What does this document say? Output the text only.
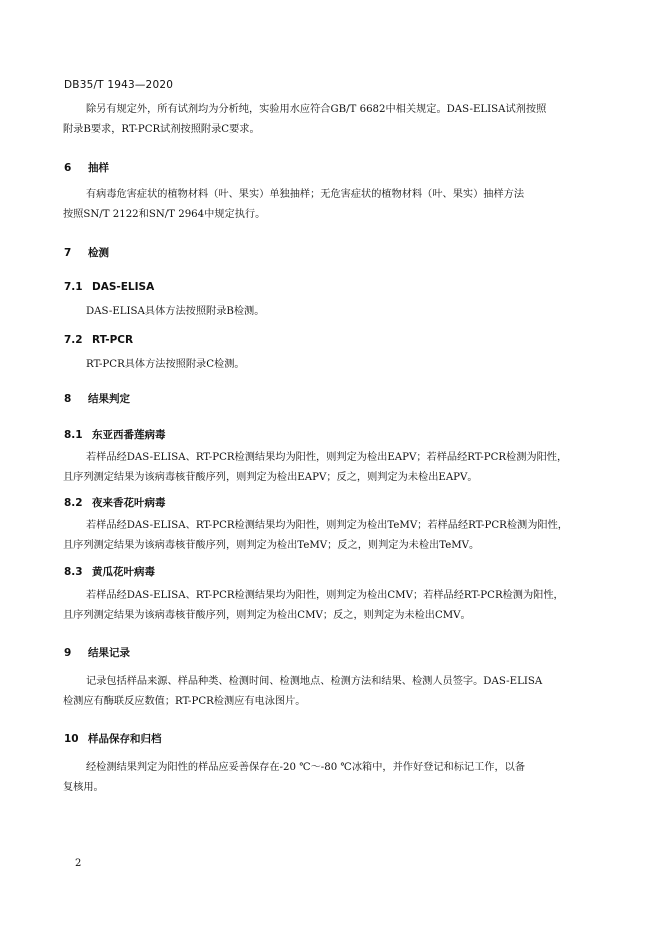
DB35/T 1943—2020
除另有规定外，所有试剂均为分析纯，实验用水应符合GB/T 6682中相关规定。DAS-ELISA试剂按照
附录B要求，RT-PCR试剂按照附录C要求。
6 抽样
有病毒危害症状的植物材料（叶、果实）单独抽样；无危害症状的植物材料（叶、果实）抽样方法
按照SN/T 2122和SN/T 2964中规定执行。
7 检测
7.1 DAS-ELISA
DAS-ELISA具体方法按照附录B检测。
7.2 RT-PCR
RT-PCR具体方法按照附录C检测。
8 结果判定
8.1 东亚西番莲病毒
若样品经DAS-ELISA、RT-PCR检测结果均为阳性，则判定为检出EAPV；若样品经RT-PCR检测为阳性，
且序列测定结果为该病毒核苷酸序列，则判定为检出EAPV；反之，则判定为未检出EAPV。
8.2 夜来香花叶病毒
若样品经DAS-ELISA、RT-PCR检测结果均为阳性，则判定为检出TeMV；若样品经RT-PCR检测为阳性，
且序列测定结果为该病毒核苷酸序列，则判定为检出TeMV；反之，则判定为未检出TeMV。
8.3 黄瓜花叶病毒
若样品经DAS-ELISA、RT-PCR检测结果均为阳性，则判定为检出CMV；若样品经RT-PCR检测为阳性，
且序列测定结果为该病毒核苷酸序列，则判定为检出CMV；反之，则判定为未检出CMV。
9 结果记录
记录包括样品来源、样品种类、检测时间、检测地点、检测方法和结果、检测人员签字。DAS-ELISA
检测应有酶联反应数值；RT-PCR检测应有电泳图片。
10 样品保存和归档
经检测结果判定为阳性的样品应妥善保存在-20 ℃～-80 ℃冰箱中，并作好登记和标记工作，以备
复核用。
2
